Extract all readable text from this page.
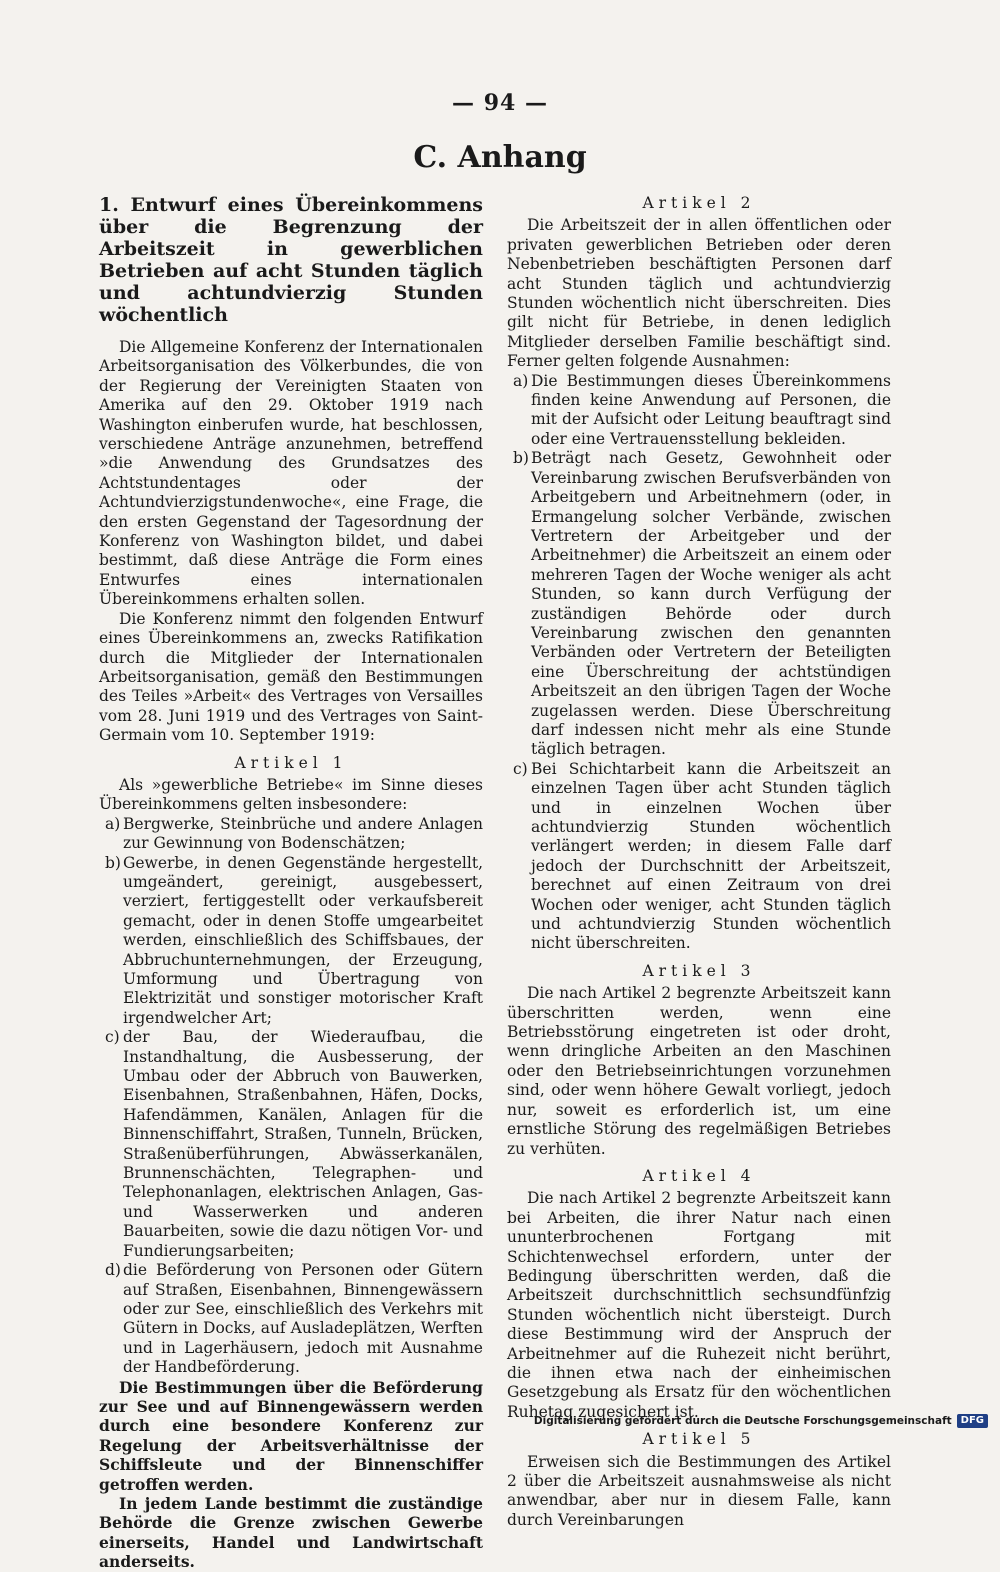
— 94 —
C. Anhang
1. Entwurf eines Übereinkommens über die Begrenzung der Arbeitszeit in gewerblichen Betrieben auf acht Stunden täglich und achtundvierzig Stunden wöchentlich

Die Allgemeine Konferenz der Internationalen Arbeitsorganisation des Völkerbundes, die von der Regierung der Vereinigten Staaten von Amerika auf den 29. Oktober 1919 nach Washington einberufen wurde, hat beschlossen, verschiedene Anträge anzunehmen, betreffend »die Anwendung des Grundsatzes des Achtstundentages oder der Achtundvierzigstundenwoche«, eine Frage, die den ersten Gegenstand der Tagesordnung der Konferenz von Washington bildet, und dabei bestimmt, daß diese Anträge die Form eines Entwurfes eines internationalen Übereinkommens erhalten sollen.

Die Konferenz nimmt den folgenden Entwurf eines Übereinkommens an, zwecks Ratifikation durch die Mitglieder der Internationalen Arbeitsorganisation, gemäß den Bestimmungen des Teiles »Arbeit« des Vertrages von Versailles vom 28. Juni 1919 und des Vertrages von Saint-Germain vom 10. September 1919:

Artikel 1

Als »gewerbliche Betriebe« im Sinne dieses Übereinkommens gelten insbesondere:

a) Bergwerke, Steinbrüche und andere Anlagen zur Gewinnung von Bodenschätzen;
b) Gewerbe, in denen Gegenstände hergestellt, umgeändert, gereinigt, ausgebessert, verziert, fertiggestellt oder verkaufsbereit gemacht, oder in denen Stoffe umgearbeitet werden, einschließlich des Schiffsbaues, der Abbruchunternehmungen, der Erzeugung, Umformung und Übertragung von Elektrizität und sonstiger motorischer Kraft irgendwelcher Art;
c) der Bau, der Wiederaufbau, die Instandhaltung, die Ausbesserung, der Umbau oder der Abbruch von Bauwerken, Eisenbahnen, Straßenbahnen, Häfen, Docks, Hafendämmen, Kanälen, Anlagen für die Binnenschiffahrt, Straßen, Tunneln, Brücken, Straßenüberführungen, Abwässerkanälen, Brunnenschächten, Telegraphen- und Telephonanlagen, elektrischen Anlagen, Gas- und Wasserwerken und anderen Bauarbeiten, sowie die dazu nötigen Vor- und Fundierungsarbeiten;
d) die Beförderung von Personen oder Gütern auf Straßen, Eisenbahnen, Binnengewässern oder zur See, einschließlich des Verkehrs mit Gütern in Docks, auf Ausladeplätzen, Werften und in Lagerhäusern, jedoch mit Ausnahme der Handbeförderung.

Die Bestimmungen über die Beförderung zur See und auf Binnengewässern werden durch eine besondere Konferenz zur Regelung der Arbeitsverhältnisse der Schiffsleute und der Binnenschiffer getroffen werden.

In jedem Lande bestimmt die zuständige Behörde die Grenze zwischen Gewerbe einerseits, Handel und Landwirtschaft anderseits.

Artikel 2

Die Arbeitszeit der in allen öffentlichen oder privaten gewerblichen Betrieben oder deren Nebenbetrieben beschäftigten Personen darf acht Stunden täglich und achtundvierzig Stunden wöchentlich nicht überschreiten. Dies gilt nicht für Betriebe, in denen lediglich Mitglieder derselben Familie beschäftigt sind. Ferner gelten folgende Ausnahmen:

a) Die Bestimmungen dieses Übereinkommens finden keine Anwendung auf Personen, die mit der Aufsicht oder Leitung beauftragt sind oder eine Vertrauensstellung bekleiden.
b) Beträgt nach Gesetz, Gewohnheit oder Vereinbarung zwischen Berufsverbänden von Arbeitgebern und Arbeitnehmern (oder, in Ermangelung solcher Verbände, zwischen Vertretern der Arbeitgeber und der Arbeitnehmer) die Arbeitszeit an einem oder mehreren Tagen der Woche weniger als acht Stunden, so kann durch Verfügung der zuständigen Behörde oder durch Vereinbarung zwischen den genannten Verbänden oder Vertretern der Beteiligten eine Überschreitung der achtstündigen Arbeitszeit an den übrigen Tagen der Woche zugelassen werden. Diese Überschreitung darf indessen nicht mehr als eine Stunde täglich betragen.
c) Bei Schichtarbeit kann die Arbeitszeit an einzelnen Tagen über acht Stunden täglich und in einzelnen Wochen über achtundvierzig Stunden wöchentlich verlängert werden; in diesem Falle darf jedoch der Durchschnitt der Arbeitszeit, berechnet auf einen Zeitraum von drei Wochen oder weniger, acht Stunden täglich und achtundvierzig Stunden wöchentlich nicht überschreiten.
Artikel 3

Die nach Artikel 2 begrenzte Arbeitszeit kann überschritten werden, wenn eine Betriebsstörung eingetreten ist oder droht, wenn dringliche Arbeiten an den Maschinen oder den Betriebseinrichtungen vorzunehmen sind, oder wenn höhere Gewalt vorliegt, jedoch nur, soweit es erforderlich ist, um eine ernstliche Störung des regelmäßigen Betriebes zu verhüten.

Artikel 4

Die nach Artikel 2 begrenzte Arbeitszeit kann bei Arbeiten, die ihrer Natur nach einen ununterbrochenen Fortgang mit Schichtenwechsel erfordern, unter der Bedingung überschritten werden, daß die Arbeitszeit durchschnittlich sechsundfünfzig Stunden wöchentlich nicht übersteigt. Durch diese Bestimmung wird der Anspruch der Arbeitnehmer auf die Ruhezeit nicht berührt, die ihnen etwa nach der einheimischen Gesetzgebung als Ersatz für den wöchentlichen Ruhetag zugesichert ist.

Artikel 5

Erweisen sich die Bestimmungen des Artikel 2 über die Arbeitszeit ausnahmsweise als nicht anwendbar, aber nur in diesem Falle, kann durch Vereinbarungen

Digitalisierung gefördert durch die Deutsche Forschungsgemeinschaft DFG
